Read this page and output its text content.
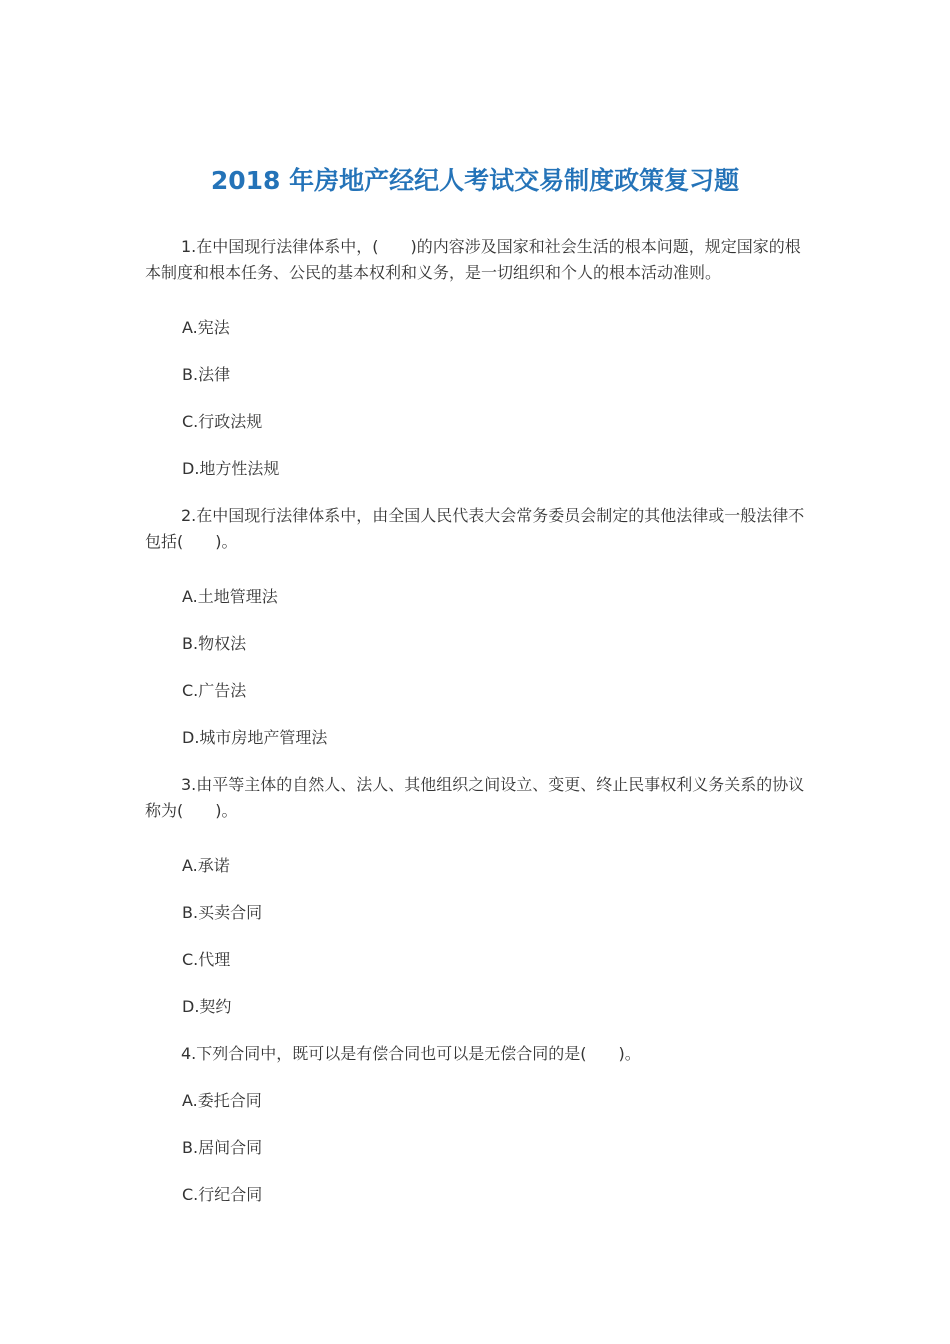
2018 年房地产经纪人考试交易制度政策复习题

1.在中国现行法律体系中，(　　)的内容涉及国家和社会生活的根本问题，规定国家的根本制度和根本任务、公民的基本权利和义务，是一切组织和个人的根本活动准则。

A.宪法

B.法律

C.行政法规

D.地方性法规

2.在中国现行法律体系中，由全国人民代表大会常务委员会制定的其他法律或一般法律不包括(　　)。

A.土地管理法

B.物权法

C.广告法

D.城市房地产管理法

3.由平等主体的自然人、法人、其他组织之间设立、变更、终止民事权利义务关系的协议称为(　　)。

A.承诺

B.买卖合同

C.代理

D.契约

4.下列合同中，既可以是有偿合同也可以是无偿合同的是(　　)。

A.委托合同

B.居间合同

C.行纪合同
